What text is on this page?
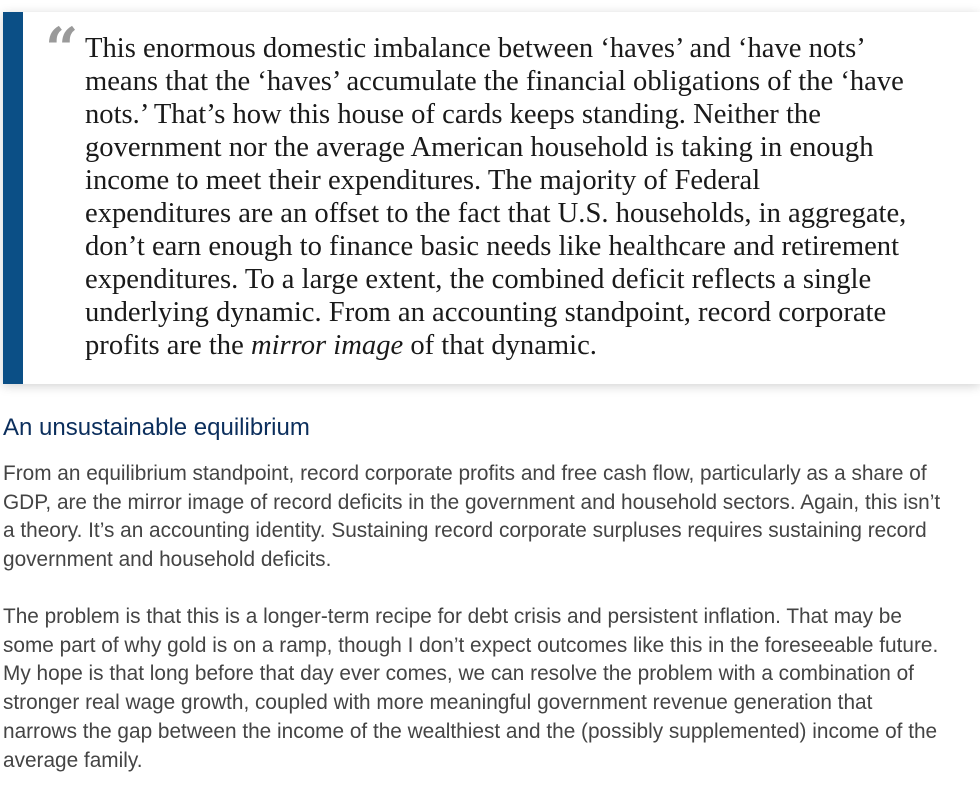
“ This enormous domestic imbalance between ‘haves’ and ‘have nots’
means that the ‘haves’ accumulate the financial obligations of the ‘have
nots.’ That’s how this house of cards keeps standing. Neither the
government nor the average American household is taking in enough
income to meet their expenditures. The majority of Federal
expenditures are an offset to the fact that U.S. households, in aggregate,
don’t earn enough to finance basic needs like healthcare and retirement
expenditures. To a large extent, the combined deficit reflects a single
underlying dynamic. From an accounting standpoint, record corporate
profits are the mirror image of that dynamic.

An unsustainable equilibrium

From an equilibrium standpoint, record corporate profits and free cash flow, particularly as a share of
GDP, are the mirror image of record deficits in the government and household sectors. Again, this isn’t
a theory. It’s an accounting identity. Sustaining record corporate surpluses requires sustaining record
government and household deficits.

The problem is that this is a longer-term recipe for debt crisis and persistent inflation. That may be
some part of why gold is on a ramp, though I don’t expect outcomes like this in the foreseeable future.
My hope is that long before that day ever comes, we can resolve the problem with a combination of
stronger real wage growth, coupled with more meaningful government revenue generation that
narrows the gap between the income of the wealthiest and the (possibly supplemented) income of the
average family.
